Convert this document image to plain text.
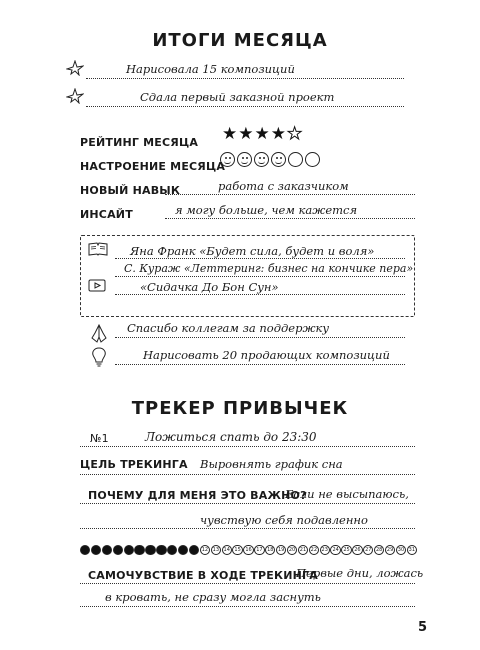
ИТОГИ МЕСЯЦА
Нарисовала 15 композиций
Сдала первый заказной проект
РЕЙТИНГ МЕСЯЦА ★ ★ ★ ★ ★
НАСТРОЕНИЕ МЕСЯЦА
НОВЫЙ НАВЫК	работа с заказчиком
ИНСАЙТ	я могу больше, чем кажется
Яна Франк «Будет сила, будет и воля»
С. Кураж «Леттеринг: бизнес на кончике пера»
«Сидачка До Бон Сун»
Спасибо коллегам за поддержку
Нарисовать 20 продающих композиций
ТРЕКЕР ПРИВЫЧЕК
№1	Ложиться спать до 23:30
ЦЕЛЬ ТРЕКИНГА Выровнять график сна
ПОЧЕМУ ДЛЯ МЕНЯ ЭТО ВАЖНО?
Если не высыпаюсь,
чувствую себя подавленно
1	2	3	4	5	6	7	8	9	10 11 12 13 14 15 16 17 18 19 20 21 22 23 24 25 26 27 28 29 30 31
САМОЧУВСТВИЕ В ХОДЕ ТРЕКИНГА
Первые дни, ложась
в кровать, не сразу могла заснуть
5
